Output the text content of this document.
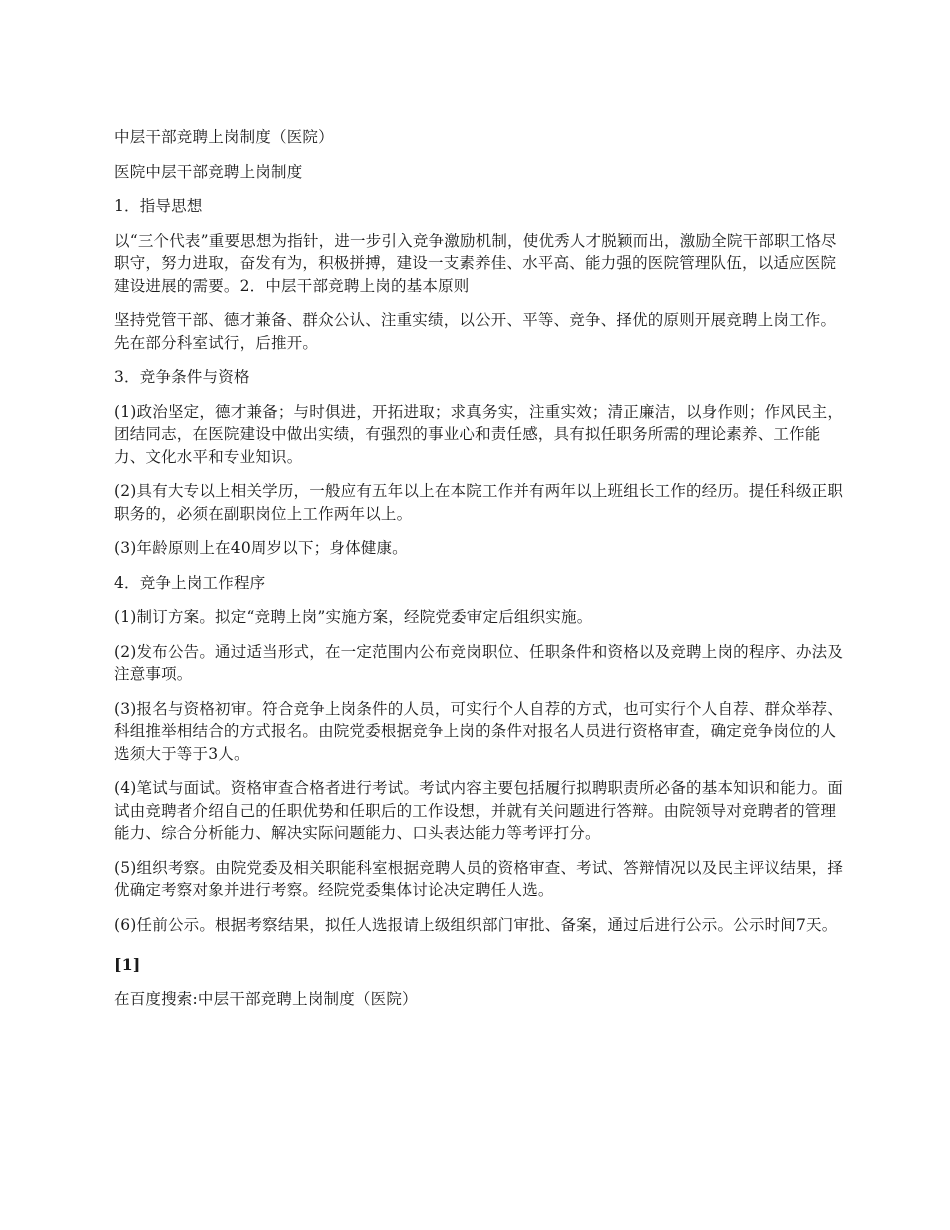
中层干部竞聘上岗制度（医院）

医院中层干部竞聘上岗制度

1．指导思想

以“三个代表”重要思想为指针，进一步引入竞争激励机制，使优秀人才脱颖而出，激励全院干部职工恪尽职守，努力进取，奋发有为，积极拼搏，建设一支素养佳、水平高、能力强的医院管理队伍，以适应医院建设进展的需要。2．中层干部竞聘上岗的基本原则

坚持党管干部、德才兼备、群众公认、注重实绩，以公开、平等、竞争、择优的原则开展竞聘上岗工作。先在部分科室试行，后推开。

3．竞争条件与资格

(1)政治坚定，德才兼备；与时俱进，开拓进取；求真务实，注重实效；清正廉洁，以身作则；作风民主，团结同志，在医院建设中做出实绩，有强烈的事业心和责任感，具有拟任职务所需的理论素养、工作能力、文化水平和专业知识。

(2)具有大专以上相关学历，一般应有五年以上在本院工作并有两年以上班组长工作的经历。提任科级正职职务的，必须在副职岗位上工作两年以上。

(3)年龄原则上在40周岁以下；身体健康。

4．竞争上岗工作程序

(1)制订方案。拟定“竞聘上岗”实施方案，经院党委审定后组织实施。

(2)发布公告。通过适当形式，在一定范围内公布竞岗职位、任职条件和资格以及竞聘上岗的程序、办法及注意事项。

(3)报名与资格初审。符合竞争上岗条件的人员，可实行个人自荐的方式，也可实行个人自荐、群众举荐、科组推举相结合的方式报名。由院党委根据竞争上岗的条件对报名人员进行资格审查，确定竞争岗位的人选须大于等于3人。

(4)笔试与面试。资格审查合格者进行考试。考试内容主要包括履行拟聘职责所必备的基本知识和能力。面试由竞聘者介绍自己的任职优势和任职后的工作设想，并就有关问题进行答辩。由院领导对竞聘者的管理能力、综合分析能力、解决实际问题能力、口头表达能力等考评打分。

(5)组织考察。由院党委及相关职能科室根据竞聘人员的资格审查、考试、答辩情况以及民主评议结果，择优确定考察对象并进行考察。经院党委集体讨论决定聘任人选。

(6)任前公示。根据考察结果，拟任人选报请上级组织部门审批、备案，通过后进行公示。公示时间7天。

[1]

在百度搜索:中层干部竞聘上岗制度（医院）
